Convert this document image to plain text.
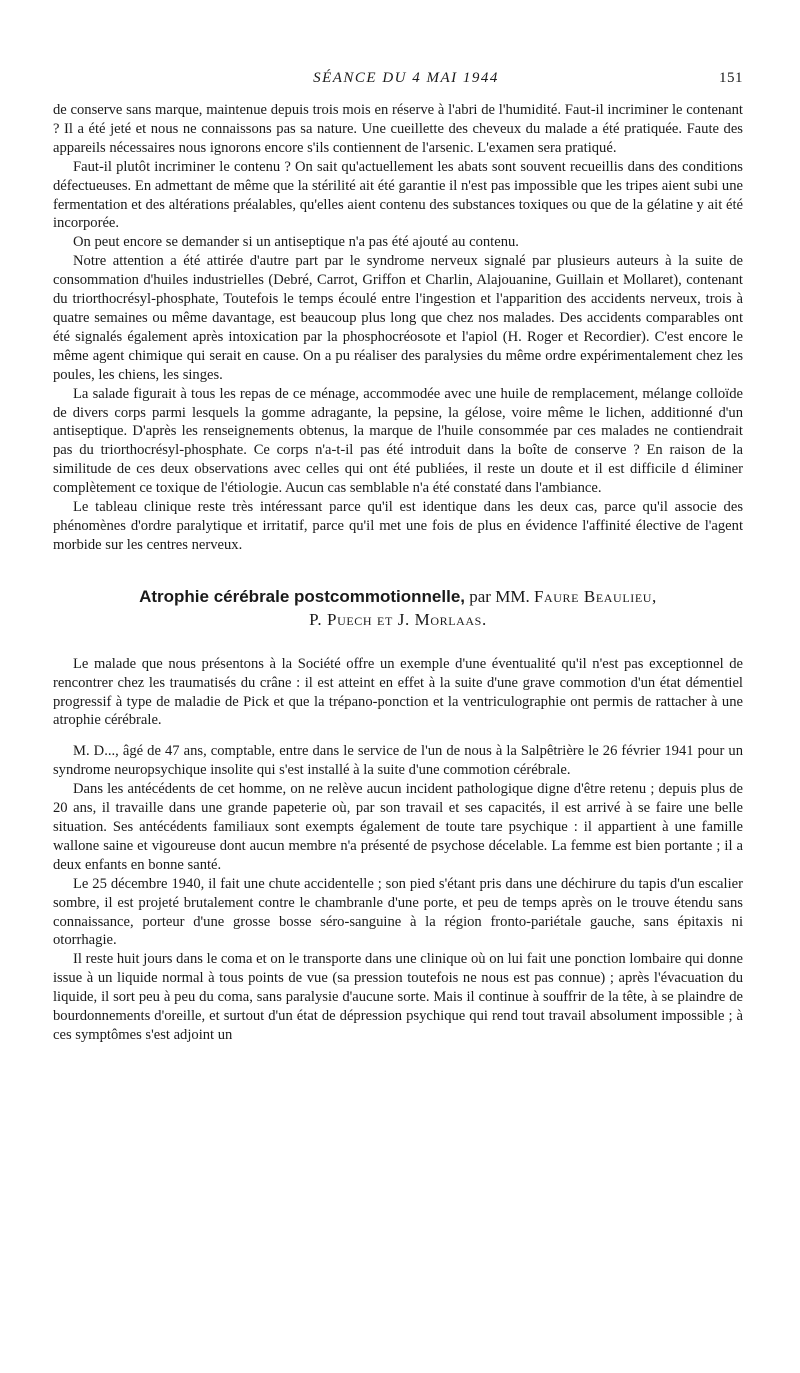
SÉANCE DU 4 MAI 1944	151

de conserve sans marque, maintenue depuis trois mois en réserve à l'abri de l'humidité. Faut-il incriminer le contenant ? Il a été jeté et nous ne connaissons pas sa nature. Une cueillette des cheveux du malade a été pratiquée. Faute des appareils nécessaires nous ignorons encore s'ils contiennent de l'arsenic. L'examen sera pratiqué.

Faut-il plutôt incriminer le contenu ? On sait qu'actuellement les abats sont souvent recueillis dans des conditions défectueuses. En admettant de même que la stérilité ait été garantie il n'est pas impossible que les tripes aient subi une fermentation et des altérations préalables, qu'elles aient contenu des substances toxiques ou que de la gélatine y ait été incorporée.

On peut encore se demander si un antiseptique n'a pas été ajouté au contenu.

Notre attention a été attirée d'autre part par le syndrome nerveux signalé par plusieurs auteurs à la suite de consommation d'huiles industrielles (Debré, Carrot, Griffon et Charlin, Alajouanine, Guillain et Mollaret), contenant du triorthocrésyl-phosphate, Toutefois le temps écoulé entre l'ingestion et l'apparition des accidents nerveux, trois à quatre semaines ou même davantage, est beaucoup plus long que chez nos malades. Des accidents comparables ont été signalés également après intoxication par la phosphocréosote et l'apiol (H. Roger et Recordier). C'est encore le même agent chimique qui serait en cause. On a pu réaliser des paralysies du même ordre expérimentalement chez les poules, les chiens, les singes.

La salade figurait à tous les repas de ce ménage, accommodée avec une huile de remplacement, mélange colloïde de divers corps parmi lesquels la gomme adragante, la pepsine, la gélose, voire même le lichen, additionné d'un antiseptique. D'après les renseignements obtenus, la marque de l'huile consommée par ces malades ne contiendrait pas du triorthocrésyl-phosphate. Ce corps n'a-t-il pas été introduit dans la boîte de conserve ? En raison de la similitude de ces deux observations avec celles qui ont été publiées, il reste un doute et il est difficile d éliminer complètement ce toxique de l'étiologie. Aucun cas semblable n'a été constaté dans l'ambiance.

Le tableau clinique reste très intéressant parce qu'il est identique dans les deux cas, parce qu'il associe des phénomènes d'ordre paralytique et irritatif, parce qu'il met une fois de plus en évidence l'affinité élective de l'agent morbide sur les centres nerveux.

Atrophie cérébrale postcommotionnelle, par MM. Faure Beaulieu,
P. Puech et J. Morlaas.

Le malade que nous présentons à la Société offre un exemple d'une éventualité qu'il n'est pas exceptionnel de rencontrer chez les traumatisés du crâne : il est atteint en effet à la suite d'une grave commotion d'un état démentiel progressif à type de maladie de Pick et que la trépano-ponction et la ventriculographie ont permis de rattacher à une atrophie cérébrale.

M. D..., âgé de 47 ans, comptable, entre dans le service de l'un de nous à la Salpêtrière le 26 février 1941 pour un syndrome neuropsychique insolite qui s'est installé à la suite d'une commotion cérébrale.

Dans les antécédents de cet homme, on ne relève aucun incident pathologique digne d'être retenu ; depuis plus de 20 ans, il travaille dans une grande papeterie où, par son travail et ses capacités, il est arrivé à se faire une belle situation. Ses antécédents familiaux sont exempts également de toute tare psychique : il appartient à une famille wallone saine et vigoureuse dont aucun membre n'a présenté de psychose décelable. La femme est bien portante ; il a deux enfants en bonne santé.

Le 25 décembre 1940, il fait une chute accidentelle ; son pied s'étant pris dans une déchirure du tapis d'un escalier sombre, il est projeté brutalement contre le chambranle d'une porte, et peu de temps après on le trouve étendu sans connaissance, porteur d'une grosse bosse séro-sanguine à la région fronto-pariétale gauche, sans épitaxis ni otorrhagie.

Il reste huit jours dans le coma et on le transporte dans une clinique où on lui fait une ponction lombaire qui donne issue à un liquide normal à tous points de vue (sa pression toutefois ne nous est pas connue) ; après l'évacuation du liquide, il sort peu à peu du coma, sans paralysie d'aucune sorte. Mais il continue à souffrir de la tête, à se plaindre de bourdonnements d'oreille, et surtout d'un état de dépression psychique qui rend tout travail absolument impossible ; à ces symptômes s'est adjoint un
